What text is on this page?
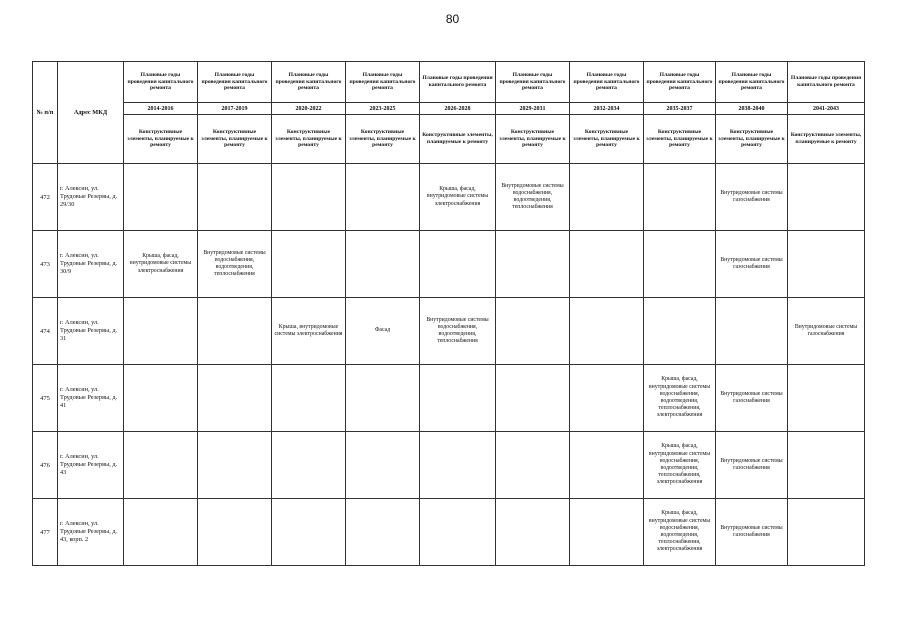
80
№ п/п	Адрес МКД	Плановые годы проведения капитального ремонта	Плановые годы проведения капитального ремонта	Плановые годы проведения капитального ремонта	Плановые годы проведения капитального ремонта	Плановые годы проведения капитального ремонта	Плановые годы проведения капитального ремонта	Плановые годы проведения капитального ремонта	Плановые годы проведения капитального ремонта	Плановые годы проведения капитального ремонта	Плановые годы проведения капитального ремонта
		2014-2016	2017-2019	2020-2022	2023-2025	2026-2028	2029-2031	2032-2034	2035-2037	2038-2040	2041-2043
		Конструктивные элементы, планируемые к ремонту	Конструктивные элементы, планируемые к ремонту	Конструктивные элементы, планируемые к ремонту	Конструктивные элементы, планируемые к ремонту	Конструктивные элементы, планируемые к ремонту	Конструктивные элементы, планируемые к ремонту	Конструктивные элементы, планируемые к ремонту	Конструктивные элементы, планируемые к ремонту	Конструктивные элементы, планируемые к ремонту	Конструктивные элементы, планируемые к ремонту
472	г. Алексин, ул. Трудовые Резервы, д. 29/30					Крыша, фасад, внутридомовые системы электроснабжения	Внутридомовые системы водоснабжения, водоотведения, теплоснабжения			Внутридомовые системы газоснабжения	
473	г. Алексин, ул. Трудовые Резервы, д. 30/9	Крыша, фасад, внутридомовые системы электроснабжения	Внутридомовые системы водоснабжения, водоотведения, теплоснабжения							Внутридомовые системы газоснабжения	
474	г. Алексин, ул. Трудовые Резервы, д. 31			Крыша, внутридомовые системы электроснабжения	Фасад	Внутридомовые системы водоснабжения, водоотведения, теплоснабжения					Внутридомовые системы газоснабжения
475	г. Алексин, ул. Трудовые Резервы, д. 41								Крыша, фасад, внутридомовые системы водоснабжения, водоотведения, теплоснабжения, электроснабжения	Внутридомовые системы газоснабжения	
476	г. Алексин, ул. Трудовые Резервы, д. 43								Крыша, фасад, внутридомовые системы водоснабжения, водоотведения, теплоснабжения, электроснабжения	Внутридомовые системы газоснабжения	
477	г. Алексин, ул. Трудовые Резервы, д. 43, корп. 2								Крыша, фасад, внутридомовые системы водоснабжения, водоотведения, теплоснабжения, электроснабжения	Внутридомовые системы газоснабжения	
